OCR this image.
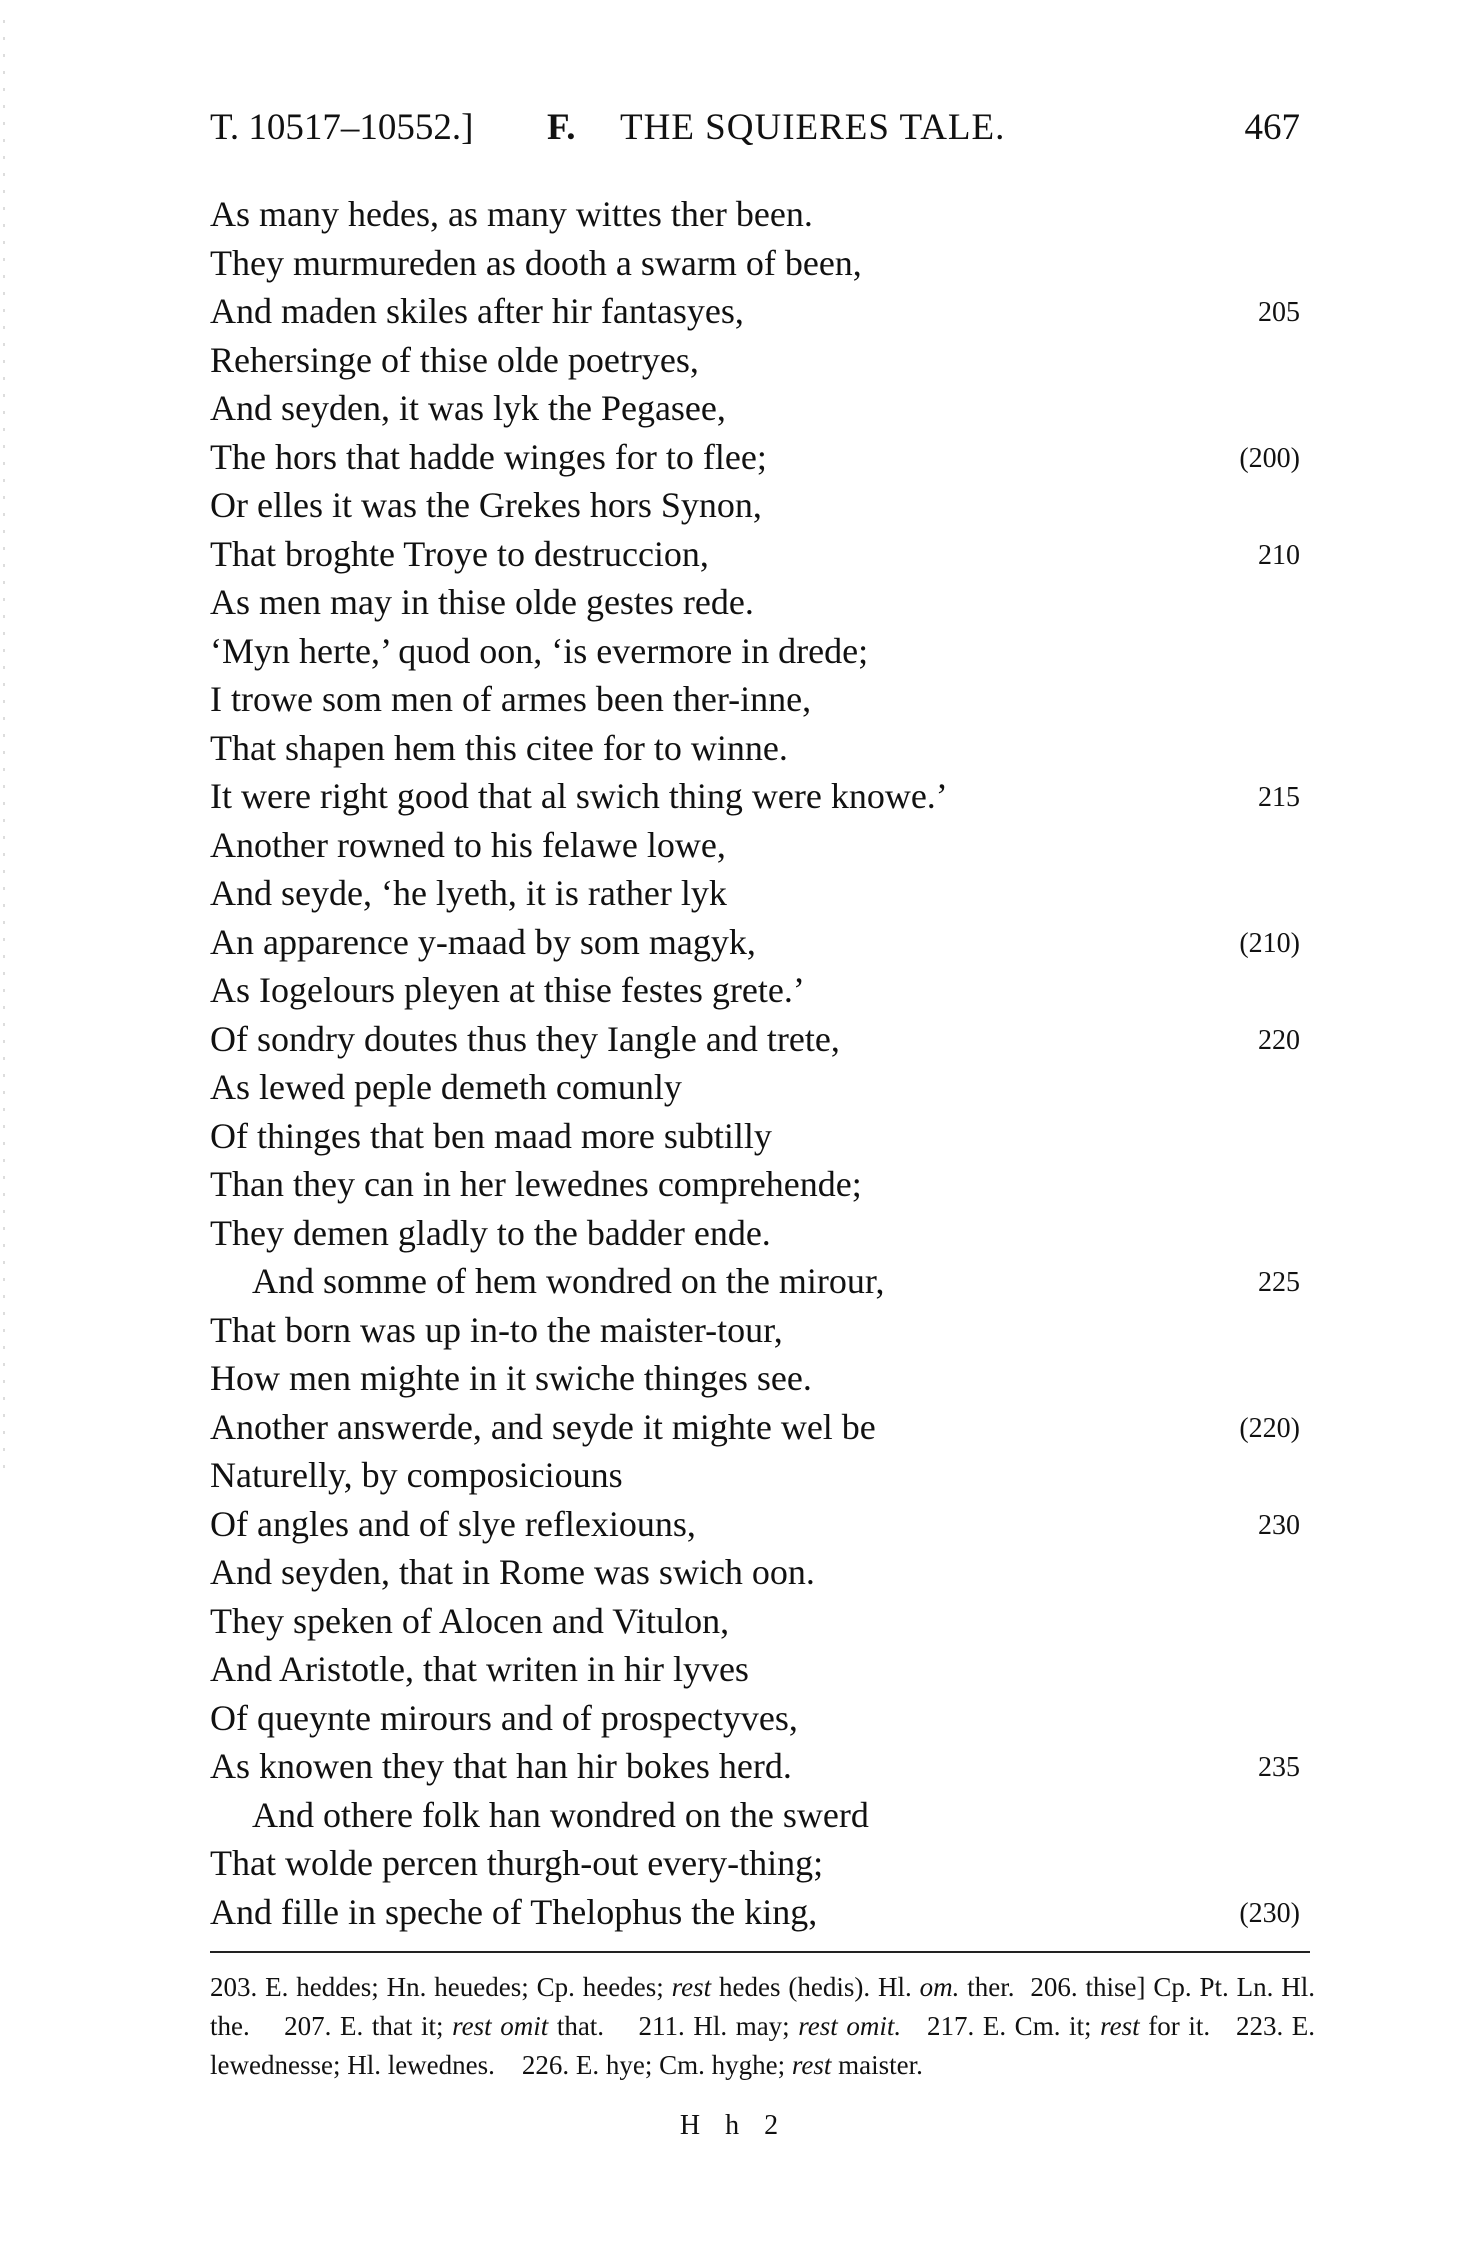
T. 10517–10552.] F. THE SQUIERES TALE.	467
As many hedes, as many wittes ther been.
They murmureden as dooth a swarm of been,
And maden skiles after hir fantasyes,	205
Rehersinge of thise olde poetryes,
And seyden, it was lyk the Pegasee,
The hors that hadde winges for to flee;	(200)
Or elles it was the Grekes hors Synon,
That broghte Troye to destruccion,	210
As men may in thise olde gestes rede.
‘Myn herte,’ quod oon, ‘is evermore in drede;
I trowe som men of armes been ther-inne,
That shapen hem this citee for to winne.
It were right good that al swich thing were knowe.’	215
Another rowned to his felawe lowe,
And seyde, ‘he lyeth, it is rather lyk
An apparence y-maad by som magyk,	(210)
As Iogelours pleyen at thise festes grete.’
Of sondry doutes thus they Iangle and trete,	220
As lewed peple demeth comunly
Of thinges that ben maad more subtilly
Than they can in her lewednes comprehende;
They demen gladly to the badder ende.
And somme of hem wondred on the mirour,	225
That born was up in-to the maister-tour,
How men mighte in it swiche thinges see.
Another answerde, and seyde it mighte wel be	(220)
Naturelly, by composiciouns
Of angles and of slye reflexiouns,	230
And seyden, that in Rome was swich oon.
They speken of Alocen and Vitulon,
And Aristotle, that writen in hir lyves
Of queynte mirours and of prospectyves,
As knowen they that han hir bokes herd.	235
And othere folk han wondred on the swerd
That wolde percen thurgh-out every-thing;
And fille in speche of Thelophus the king,	(230)
203. E. heddes; Hn. heuedes; Cp. heedes; rest hedes (hedis). Hl. om. ther. 206. thise] Cp. Pt. Ln. Hl. the. 207. E. that it; rest omit that. 211. Hl. may; rest omit. 217. E. Cm. it; rest for it. 223. E. lewednesse; Hl. lewednes. 226. E. hye; Cm. hyghe; rest maister.
H h 2
